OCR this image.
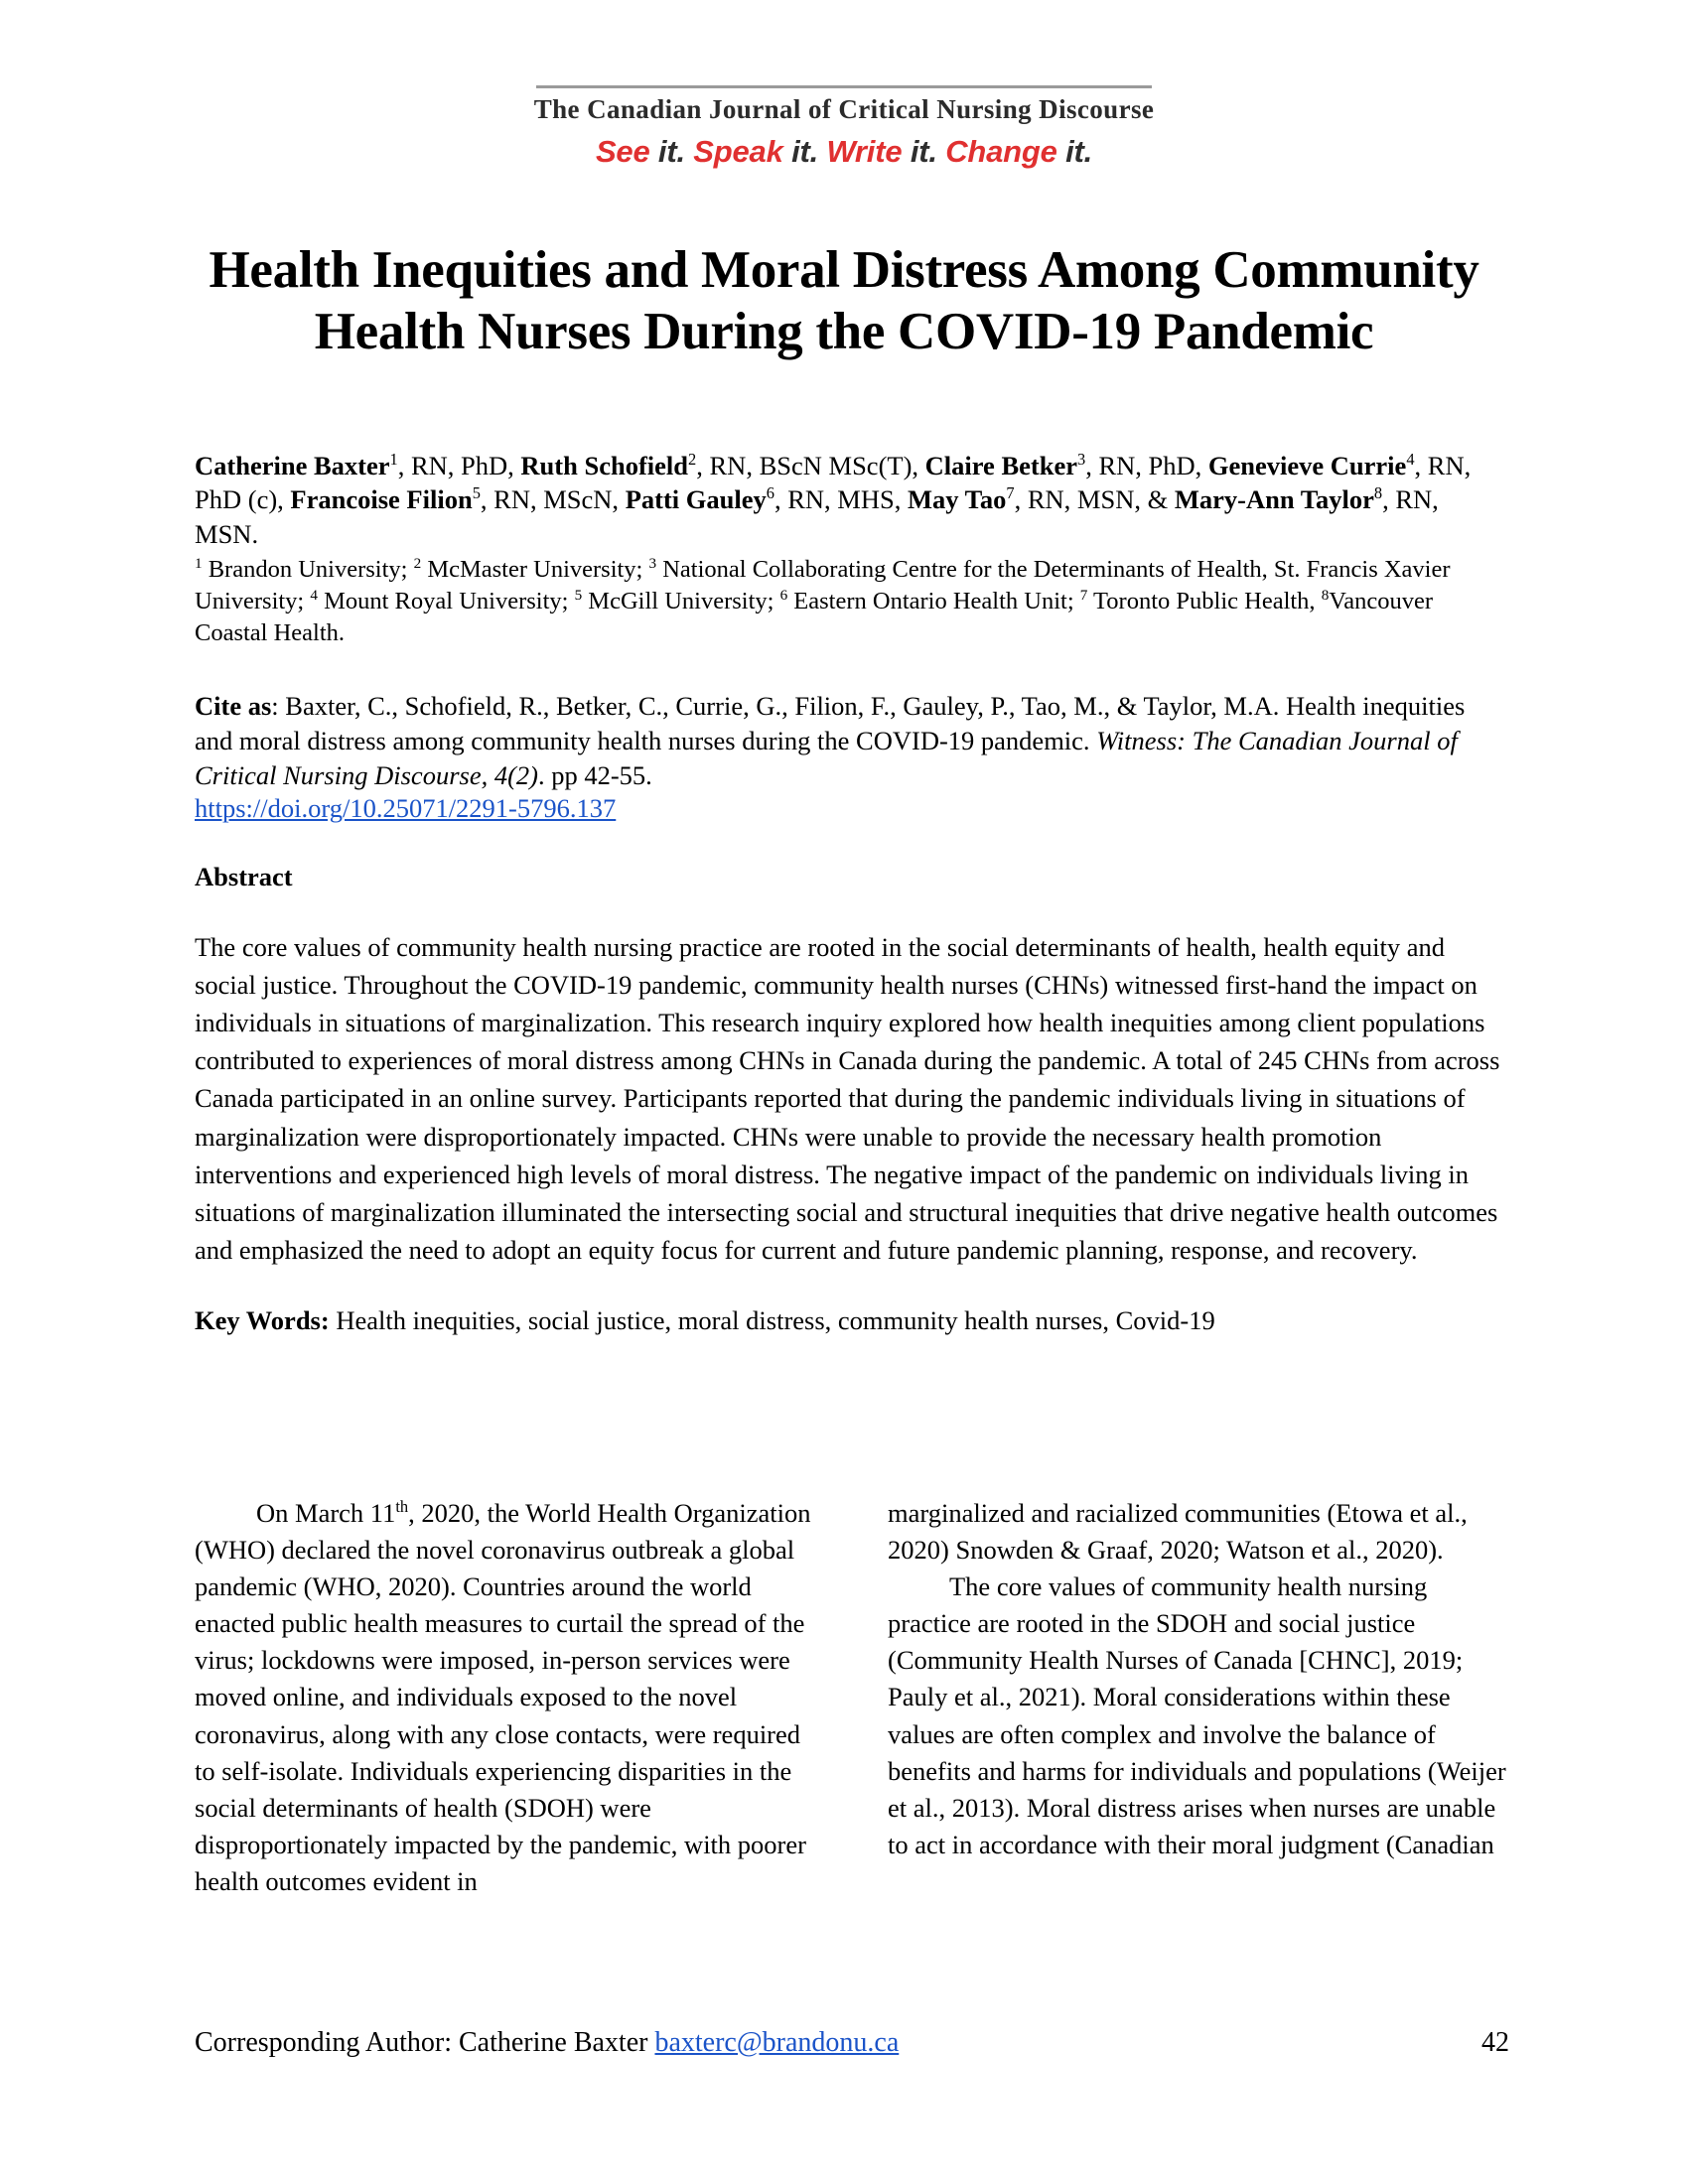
The Canadian Journal of Critical Nursing Discourse
See it. Speak it. Write it. Change it.
Health Inequities and Moral Distress Among Community Health Nurses During the COVID-19 Pandemic

Catherine Baxter$^1$, RN, PhD, Ruth Schofield$^2$, RN, BScN MSc(T), Claire Betker$^3$, RN, PhD, Genevieve Currie$^4$, RN, PhD (c), Francoise Filion$^5$, RN, MScN, Patti Gauley$^6$, RN, MHS, May Tao$^7$, RN, MSN, & Mary-Ann Taylor$^8$, RN, MSN.

$^1$ Brandon University; $^2$ McMaster University; $^3$ National Collaborating Centre for the Determinants of Health, St. Francis Xavier University; $^4$ Mount Royal University; $^5$ McGill University; $^6$ Eastern Ontario Health Unit; $^7$ Toronto Public Health, $^8$Vancouver Coastal Health.

Cite as: Baxter, C., Schofield, R., Betker, C., Currie, G., Filion, F., Gauley, P., Tao, M., & Taylor, M.A. Health inequities and moral distress among community health nurses during the COVID-19 pandemic. Witness: The Canadian Journal of Critical Nursing Discourse, 4(2). pp 42-55.

https://doi.org/10.25071/2291-5796.137

Abstract

The core values of community health nursing practice are rooted in the social determinants of health, health equity and social justice. Throughout the COVID-19 pandemic, community health nurses (CHNs) witnessed first-hand the impact on individuals in situations of marginalization. This research inquiry explored how health inequities among client populations contributed to experiences of moral distress among CHNs in Canada during the pandemic. A total of 245 CHNs from across Canada participated in an online survey. Participants reported that during the pandemic individuals living in situations of marginalization were disproportionately impacted. CHNs were unable to provide the necessary health promotion interventions and experienced high levels of moral distress. The negative impact of the pandemic on individuals living in situations of marginalization illuminated the intersecting social and structural inequities that drive negative health outcomes and emphasized the need to adopt an equity focus for current and future pandemic planning, response, and recovery.

Key Words: Health inequities, social justice, moral distress, community health nurses, Covid-19

On March 11th, 2020, the World Health Organization (WHO) declared the novel coronavirus outbreak a global pandemic (WHO, 2020). Countries around the world enacted public health measures to curtail the spread of the virus; lockdowns were imposed, in-person services were moved online, and individuals exposed to the novel coronavirus, along with any close contacts, were required to self-isolate. Individuals experiencing disparities in the social determinants of health (SDOH) were disproportionately impacted by the pandemic, with poorer health outcomes evident in

marginalized and racialized communities (Etowa et al., 2020) Snowden & Graaf, 2020; Watson et al., 2020).

The core values of community health nursing practice are rooted in the SDOH and social justice (Community Health Nurses of Canada [CHNC], 2019; Pauly et al., 2021). Moral considerations within these values are often complex and involve the balance of benefits and harms for individuals and populations (Weijer et al., 2013). Moral distress arises when nurses are unable to act in accordance with their moral judgment (Canadian

Corresponding Author: Catherine Baxter baxterc@brandonu.ca	42
